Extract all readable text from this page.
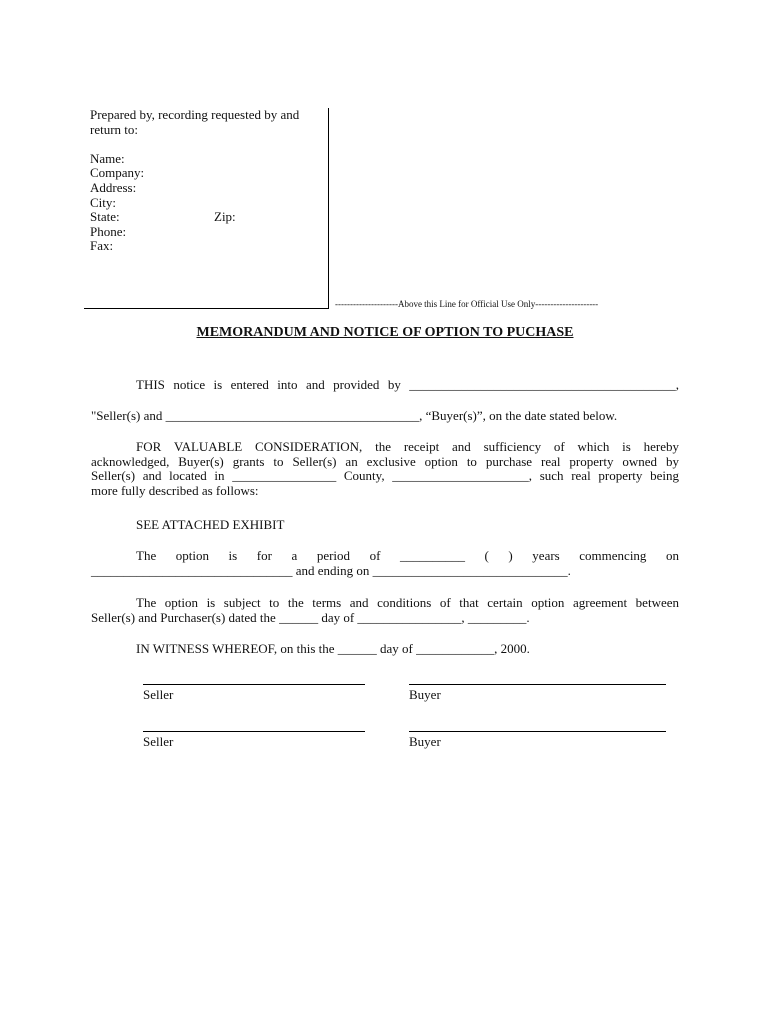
Prepared by, recording requested by and
return to:
Name:
Company:
Address:
City:
State:	Zip:
Phone:
Fax:
---------------------Above this Line for Official Use Only---------------------
MEMORANDUM AND NOTICE OF OPTION TO PUCHASE
THIS notice is entered into and provided by _________________________________________,
"Seller(s) and _______________________________________, “Buyer(s)”, on the date stated below.
FOR VALUABLE CONSIDERATION, the receipt and sufficiency of which is hereby
acknowledged, Buyer(s) grants to Seller(s) an exclusive option to purchase real property owned by
Seller(s) and located in ________________ County, _____________________, such real property being
more fully described as follows:
SEE ATTACHED EXHIBIT
The option is for a period of __________ ( ) years commencing on
_______________________________ and ending on ______________________________.
The option is subject to the terms and conditions of that certain option agreement between
Seller(s) and Purchaser(s) dated the ______ day of ________________, _________.
IN WITNESS WHEREOF, on this the ______ day of ____________, 2000.
Seller	Buyer
Seller	Buyer
